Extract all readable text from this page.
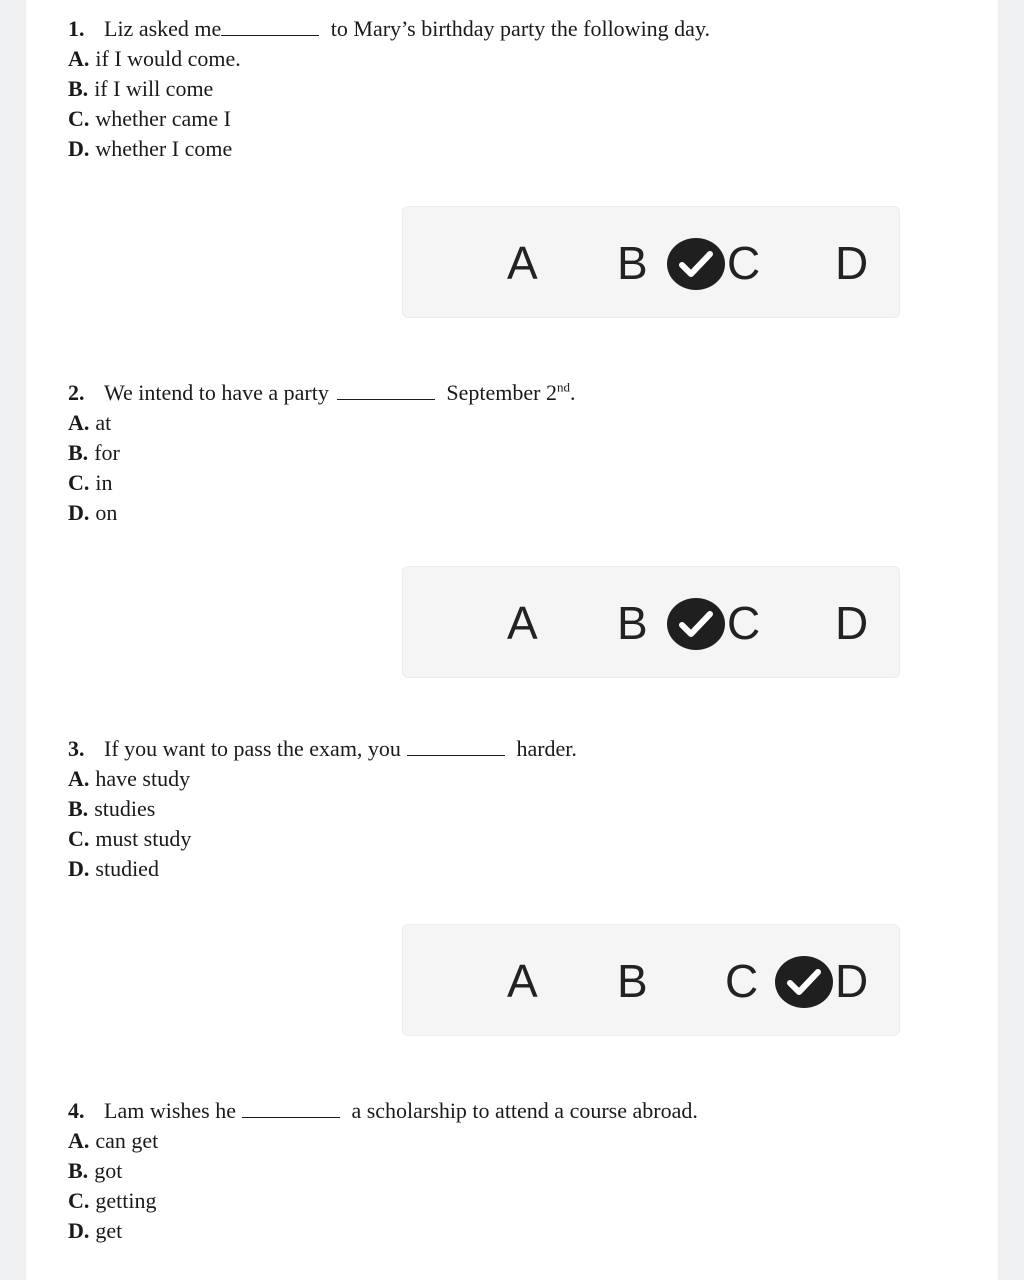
1. Liz asked me	to Mary’s birthday party the following day.
A. if I would come.
B. if I will come
C. whether came I
D. whether I come
A B C D
2. We intend to have a party	September 2nd.
A. at
B. for
C. in
D. on
A B C D
3. If you want to pass the exam, you	harder.
A. have study
B. studies
C. must study
D. studied
A B C D
4. Lam wishes he	a scholarship to attend a course abroad.
A. can get
B. got
C. getting
D. get
